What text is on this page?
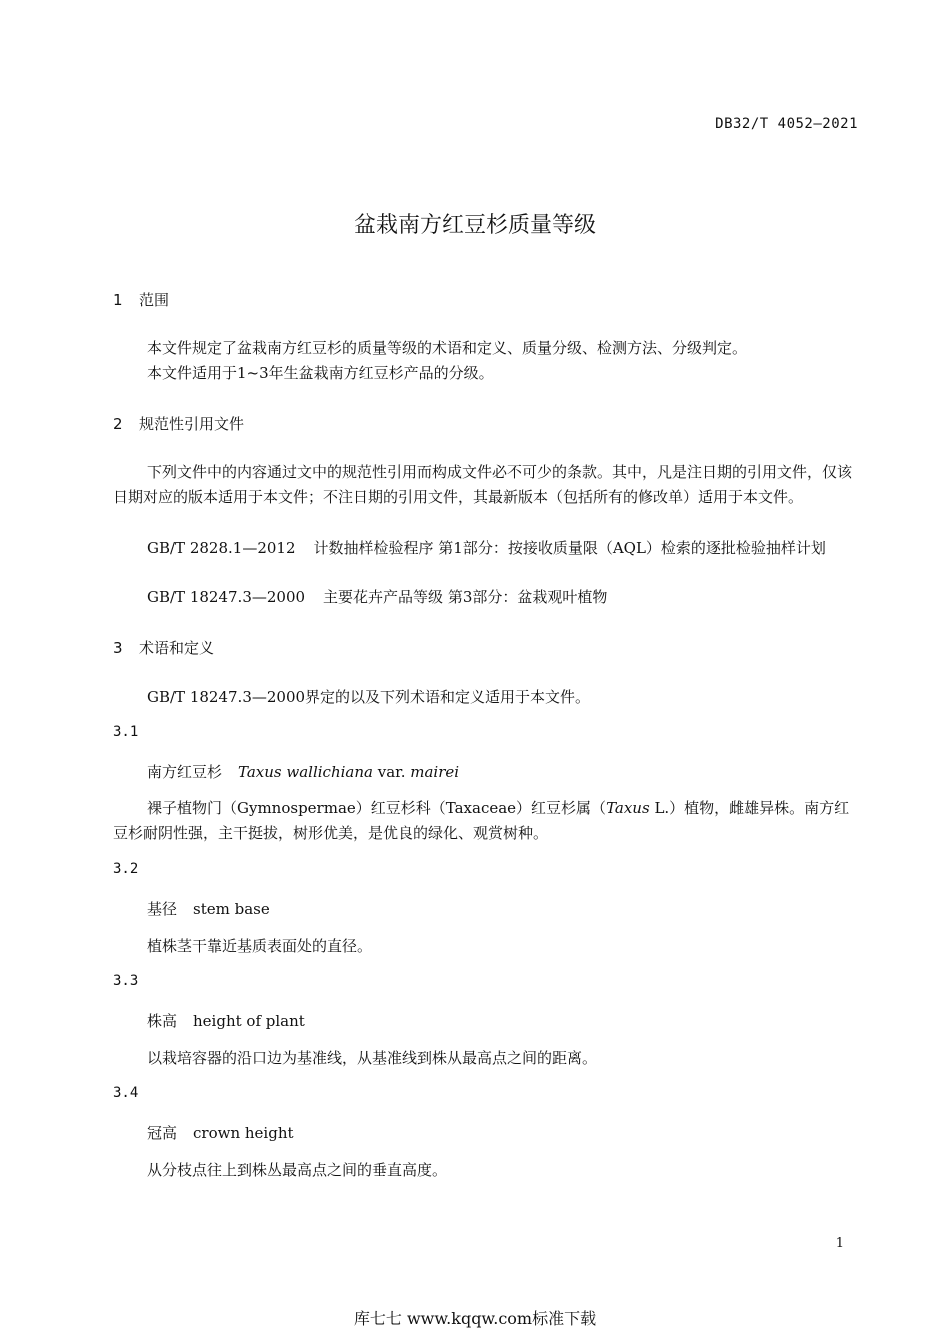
DB32/T 4052—2021
盆栽南方红豆杉质量等级
1 范围
本文件规定了盆栽南方红豆杉的质量等级的术语和定义、质量分级、检测方法、分级判定。
本文件适用于1~3年生盆栽南方红豆杉产品的分级。
2 规范性引用文件
下列文件中的内容通过文中的规范性引用而构成文件必不可少的条款。其中，凡是注日期的引用文件，仅该日期对应的版本适用于本文件；不注日期的引用文件，其最新版本（包括所有的修改单）适用于本文件。
GB/T 2828.1—2012 计数抽样检验程序 第1部分：按接收质量限（AQL）检索的逐批检验抽样计划
GB/T 18247.3—2000 主要花卉产品等级 第3部分：盆栽观叶植物
3 术语和定义
GB/T 18247.3—2000界定的以及下列术语和定义适用于本文件。
3.1
南方红豆杉 Taxus wallichiana var. mairei
裸子植物门（Gymnospermae）红豆杉科（Taxaceae）红豆杉属（Taxus L.）植物，雌雄异株。南方红豆杉耐阴性强，主干挺拔，树形优美，是优良的绿化、观赏树种。
3.2
基径 stem base
植株茎干靠近基质表面处的直径。
3.3
株高 height of plant
以栽培容器的沿口边为基准线，从基准线到株从最高点之间的距离。
3.4
冠高 crown height
从分枝点往上到株丛最高点之间的垂直高度。
1
库七七 www.kqqw.com标准下载
